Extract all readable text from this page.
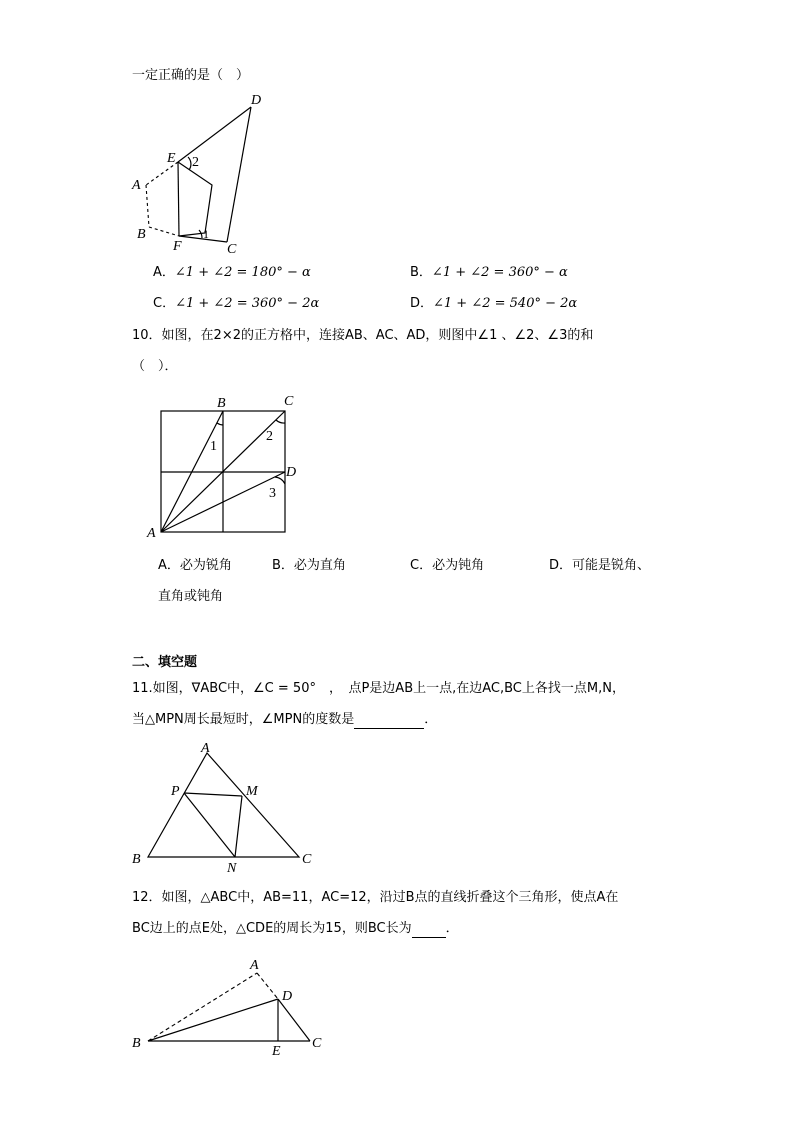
一定正确的是（　）
D
E 2
A
B
F
1
C
A．∠1 + ∠2 = 180° − α	B．∠1 + ∠2 = 360° − α
C．∠1 + ∠2 = 360° − 2α	D．∠1 + ∠2 = 540° − 2α
10．如图，在2×2的正方格中，连接AB、AC、AD，则图中∠1 、∠2、∠3的和
（　）．
B	C
D
A
1
2
3
A．必为锐角	B．必为直角	C．必为钝角	D．可能是锐角、
直角或钝角
二、填空题
11.如图，∇ABC中，∠C = 50°　，　点P是边AB上一点,在边AC,BC上各找一点M,N，
当△MPN周长最短时，∠MPN的度数是	．
A
P	M
B
N
C
12．如图，△ABC中，AB=11，AC=12，沿过B点的直线折叠这个三角形，使点A在
BC边上的点E处，△CDE的周长为15，则BC长为	．
A
D
B
E
C
